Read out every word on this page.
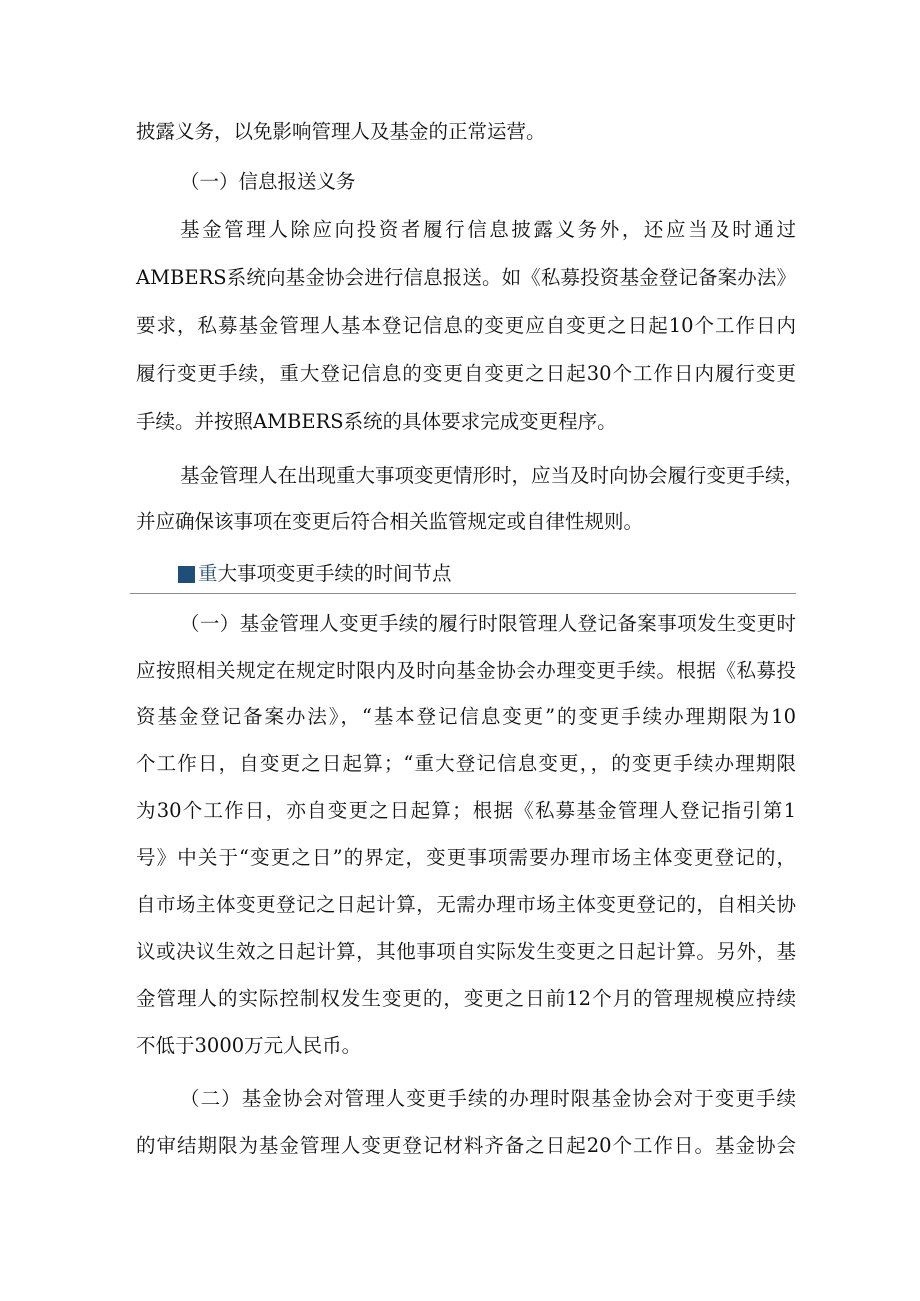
披露义务，以免影响管理人及基金的正常运营。
（一）信息报送义务
基金管理人除应向投资者履行信息披露义务外，还应当及时通过
AMBERS系统向基金协会进行信息报送。如《私募投资基金登记备案办法》
要求，私募基金管理人基本登记信息的变更应自变更之日起10个工作日内
履行变更手续，重大登记信息的变更自变更之日起30个工作日内履行变更
手续。并按照AMBERS系统的具体要求完成变更程序。
基金管理人在出现重大事项变更情形时，应当及时向协会履行变更手续，
并应确保该事项在变更后符合相关监管规定或自律性规则。
重 大事项变更手续的时间节点
（一）基金管理人变更手续的履行时限管理人登记备案事项发生变更时
应按照相关规定在规定时限内及时向基金协会办理变更手续。根据《私募投
资基金登记备案办法》，“基本登记信息变更”的变更手续办理期限为10
个工作日，自变更之日起算；“重大登记信息变更，，的变更手续办理期限
为30个工作日，亦自变更之日起算；根据《私募基金管理人登记指引第1
号》中关于“变更之日”的界定，变更事项需要办理市场主体变更登记的，
自市场主体变更登记之日起计算，无需办理市场主体变更登记的，自相关协
议或决议生效之日起计算，其他事项自实际发生变更之日起计算。另外，基
金管理人的实际控制权发生变更的，变更之日前12个月的管理规模应持续
不低于3000万元人民币。
（二）基金协会对管理人变更手续的办理时限基金协会对于变更手续
的审结期限为基金管理人变更登记材料齐备之日起20个工作日。基金协会
